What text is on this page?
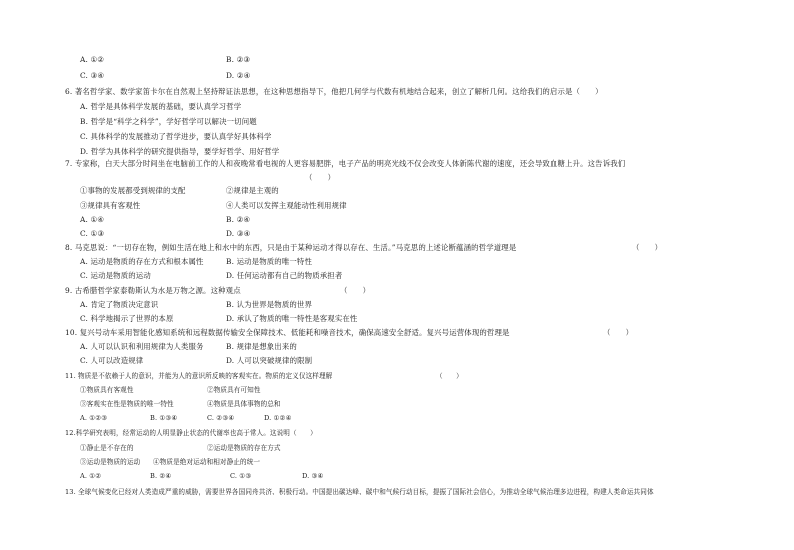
A. ①②	B. ②③
C. ③④	D. ②④
6. 著名哲学家、数学家笛卡尔在自然观上坚持辩证法思想，在这种思想指导下，他把几何学与代数有机地结合起来，创立了解析几何。这给我们的启示是（　　）
A. 哲学是具体科学发展的基础，要认真学习哲学
B. 哲学是“科学之科学”，学好哲学可以解决一切问题
C. 具体科学的发展推动了哲学进步，要认真学好具体科学
D. 哲学为具体科学的研究提供指导，要学好哲学、用好哲学
7. 专家称，白天大部分时间坐在电脑前工作的人和夜晚常看电视的人更容易肥胖，电子产品的明亮光线不仅会改变人体新陈代谢的速度，还会导致血糖上升。这告诉我们
（　　）
①事物的发展都受到规律的支配	②规律是主观的
③规律具有客观性	④人类可以发挥主观能动性利用规律
A. ①④	B. ②④
C. ①③	D. ③④
8. 马克思说：“一切存在物，例如生活在地上和水中的东西，只是由于某种运动才得以存在、生活。”马克思的上述论断蕴涵的哲学道理是	（　　）
A. 运动是物质的存在方式和根本属性	B. 运动是物质的唯一特性
C. 运动是物质的运动	D. 任何运动都有自己的物质承担者
9. 古希腊哲学家泰勒斯认为水是万物之源。这种观点	（　　）
A. 肯定了物质决定意识	B. 认为世界是物质的世界
C. 科学地揭示了世界的本原	D. 承认了物质的唯一特性是客观实在性
10. 复兴号动车采用智能化感知系统和远程数据传输安全保障技术、低能耗和噪音技术，确保高速安全舒适。复兴号运营体现的哲理是	（　　）
A. 人可以认识和利用规律为人类服务	B. 规律是想象出来的
C. 人可以改造规律	D. 人可以突破规律的限制
11. 物质是不依赖于人的意识，并能为人的意识所反映的客观实在。物质的定义仅这样理解	（　　）
①物质具有客观性	②物质具有可知性
③客观实在性是物质的唯一特性	④物质是具体事物的总和
A. ①②③	B. ①③④	C. ②③④	D. ①②④
12.科学研究表明，经常运动的人明显静止状态的代谢率也高于常人。这说明（　　）
①静止是不存在的	②运动是物质的存在方式
③运动是物质的运动 ④物质是绝对运动和相对静止的统一
A. ①②	B. ②④	C. ①③	D. ③④
13. 全球气候变化已经对人类造成严重的威胁，需要世界各国同舟共济、积极行动。中国提出碳达峰、碳中和气候行动目标，提振了国际社会信心，为推动全球气候治理多边进程，构建人类命运共同体
